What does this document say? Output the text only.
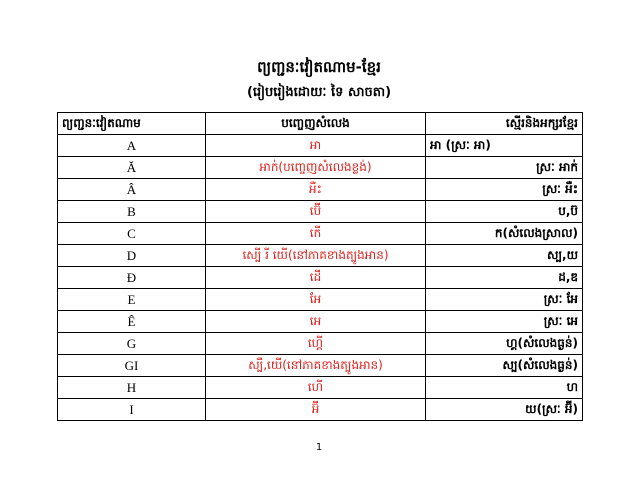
ព្យញ្ជនៈវៀតណាម-ខ្មែរ
(រៀបរៀងដោយៈ ទៃ សាចតា)
ព្យញ្ជនៈវៀតណាម	បញ្ចេញសំលេង	ស្មើរនិងអក្សរខ្មែរ
A	អា	អា (ស្រៈ អា)
Ă	អាក់(បញ្ចេញសំលេងខ្លង់)	ស្រៈ អាក់
Â	អឺះ	ស្រៈ អឺះ
B	ប៊ើ	ប,ប៊
C	កើ	ក(សំលេងស្រាល)
D	ស្បើ រី យើ(នៅភាគខាងត្បូងអាន)	ស្ប,យ
Đ	ដើ	ដ,ឌ
E	អែ	ស្រៈ អែ
Ê	អេ	ស្រៈ អេ
G	ហ្គើ	ហ្គ(សំលេងធ្ងន់)
GI	ស្បឺ,យើ(នៅភាគខាងត្បូងអាន)	ស្ប(សំលេងធ្ងន់)
H	ហើ	ហ
I	អ៊ី	យ(ស្រៈ អ៊ី)
1
